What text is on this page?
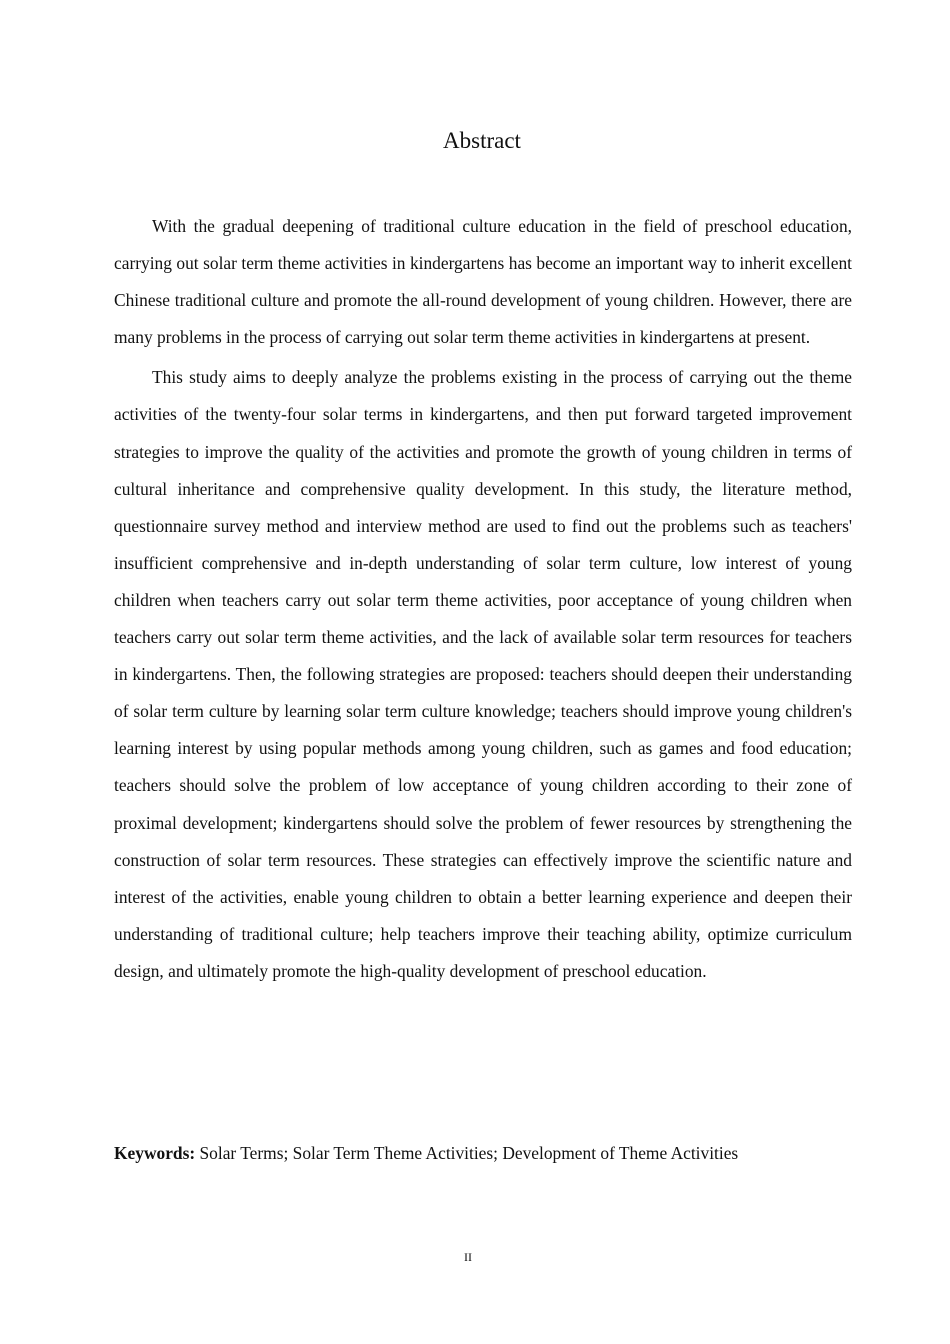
Abstract

With the gradual deepening of traditional culture education in the field of preschool education, carrying out solar term theme activities in kindergartens has become an important way to inherit excellent Chinese traditional culture and promote the all-round development of young children. However, there are many problems in the process of carrying out solar term theme activities in kindergartens at present.

This study aims to deeply analyze the problems existing in the process of carrying out the theme activities of the twenty-four solar terms in kindergartens, and then put forward targeted improvement strategies to improve the quality of the activities and promote the growth of young children in terms of cultural inheritance and comprehensive quality development. In this study, the literature method, questionnaire survey method and interview method are used to find out the problems such as teachers' insufficient comprehensive and in-depth understanding of solar term culture, low interest of young children when teachers carry out solar term theme activities, poor acceptance of young children when teachers carry out solar term theme activities, and the lack of available solar term resources for teachers in kindergartens. Then, the following strategies are proposed: teachers should deepen their understanding of solar term culture by learning solar term culture knowledge; teachers should improve young children's learning interest by using popular methods among young children, such as games and food education; teachers should solve the problem of low acceptance of young children according to their zone of proximal development; kindergartens should solve the problem of fewer resources by strengthening the construction of solar term resources. These strategies can effectively improve the scientific nature and interest of the activities, enable young children to obtain a better learning experience and deepen their understanding of traditional culture; help teachers improve their teaching ability, optimize curriculum design, and ultimately promote the high-quality development of preschool education.

Keywords: Solar Terms; Solar Term Theme Activities; Development of Theme Activities

II
